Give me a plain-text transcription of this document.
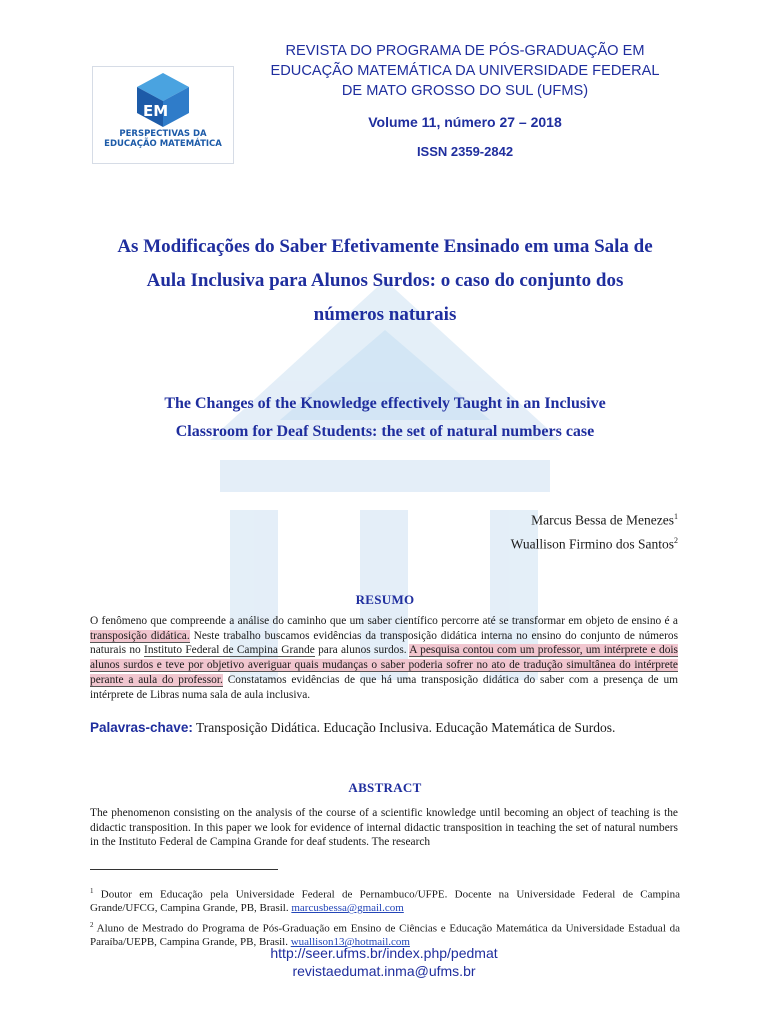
EM
PERSPECTIVAS DA
EDUCAÇÃO MATEMÁTICA
REVISTA DO PROGRAMA DE PÓS-GRADUAÇÃO EM
EDUCAÇÃO MATEMÁTICA DA UNIVERSIDADE FEDERAL
DE MATO GROSSO DO SUL (UFMS)
Volume 11, número 27 – 2018
ISSN 2359-2842
As Modificações do Saber Efetivamente Ensinado em uma Sala de
Aula Inclusiva para Alunos Surdos: o caso do conjunto dos
números naturais
The Changes of the Knowledge effectively Taught in an Inclusive
Classroom for Deaf Students: the set of natural numbers case
Marcus Bessa de Menezes$^1$
Wuallison Firmino dos Santos$^2$
RESUMO
O fenômeno que compreende a análise do caminho que um saber científico percorre até se transformar em objeto de ensino é a transposição didática. Neste trabalho buscamos evidências da transposição didática interna no ensino do conjunto de números naturais no Instituto Federal de Campina Grande para alunos surdos. A pesquisa contou com um professor, um intérprete e dois alunos surdos e teve por objetivo averiguar quais mudanças o saber poderia sofrer no ato de tradução simultânea do intérprete perante a aula do professor. Constatamos evidências de que há uma transposição didática do saber com a presença de um intérprete de Libras numa sala de aula inclusiva.
Palavras-chave: Transposição Didática. Educação Inclusiva. Educação Matemática de Surdos.
ABSTRACT
The phenomenon consisting on the analysis of the course of a scientific knowledge until becoming an object of teaching is the didactic transposition. In this paper we look for evidence of internal didactic transposition in teaching the set of natural numbers in the Instituto Federal de Campina Grande for deaf students. The research
$^1$ Doutor em Educação pela Universidade Federal de Pernambuco/UFPE. Docente na Universidade Federal de Campina Grande/UFCG, Campina Grande, PB, Brasil. marcusbessa@gmail.com
$^2$ Aluno de Mestrado do Programa de Pós-Graduação em Ensino de Ciências e Educação Matemática da Universidade Estadual da Paraíba/UEPB, Campina Grande, PB, Brasil. wuallison13@hotmail.com
http://seer.ufms.br/index.php/pedmat
revistaedumat.inma@ufms.br
